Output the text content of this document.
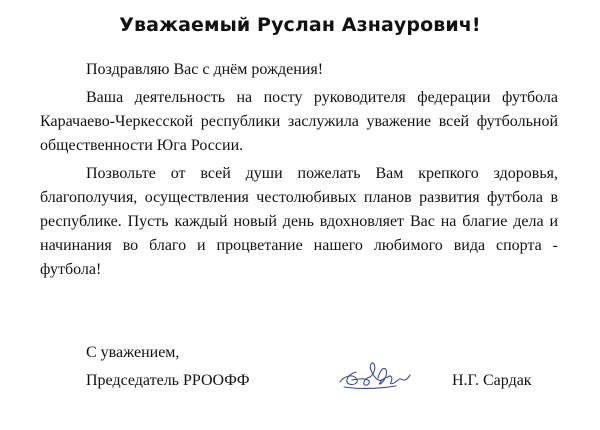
Уважаемый Руслан Азнаурович!

Поздравляю Вас с днём рождения!

Ваша деятельность на посту руководителя федерации футбола Карачаево-Черкесской республики заслужила уважение всей футбольной общественности Юга России.

Позвольте от всей души пожелать Вам крепкого здоровья, благополучия, осуществления честолюбивых планов развития футбола в республике. Пусть каждый новый день вдохновляет Вас на благие дела и начинания во благо и процветание нашего любимого вида спорта - футбола!

С уважением,
Председатель РРООФФ	Н.Г. Сардак
